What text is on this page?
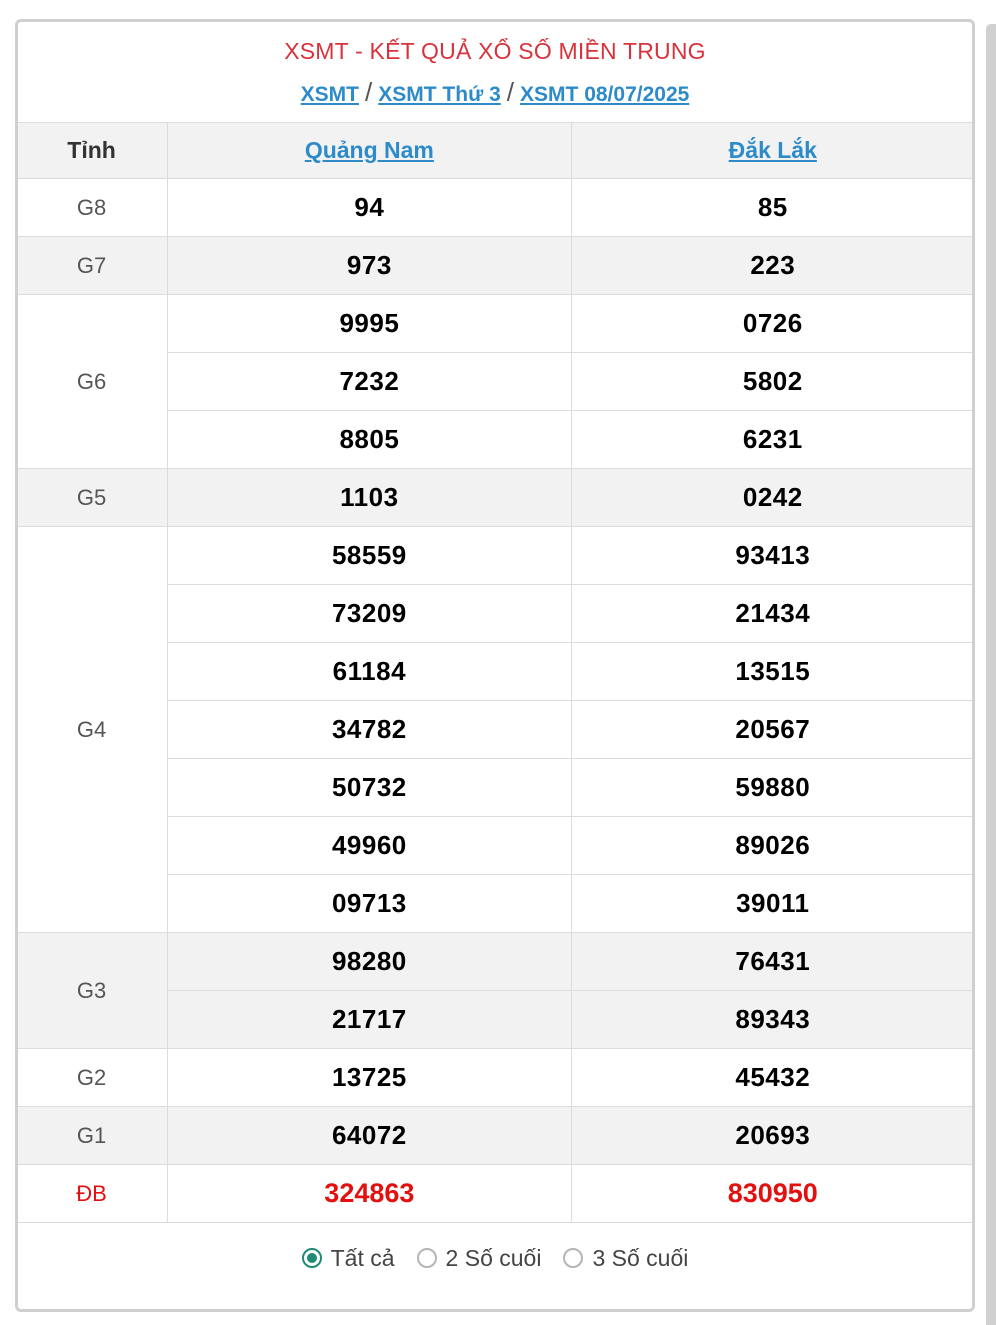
XSMT - KẾT QUẢ XỔ SỐ MIỀN TRUNG
XSMT / XSMT Thứ 3 / XSMT 08/07/2025
Tỉnh	Quảng Nam	Đắk Lắk
G8	94	85
G7	973	223
G6	9995	0726
	7232	5802
	8805	6231
G5	1103	0242
G4	58559	93413
	73209	21434
	61184	13515
	34782	20567
	50732	59880
	49960	89026
	09713	39011
G3	98280	76431
	21717	89343
G2	13725	45432
G1	64072	20693
ĐB	324863	830950
Tất cả 2 Số cuối 3 Số cuối
